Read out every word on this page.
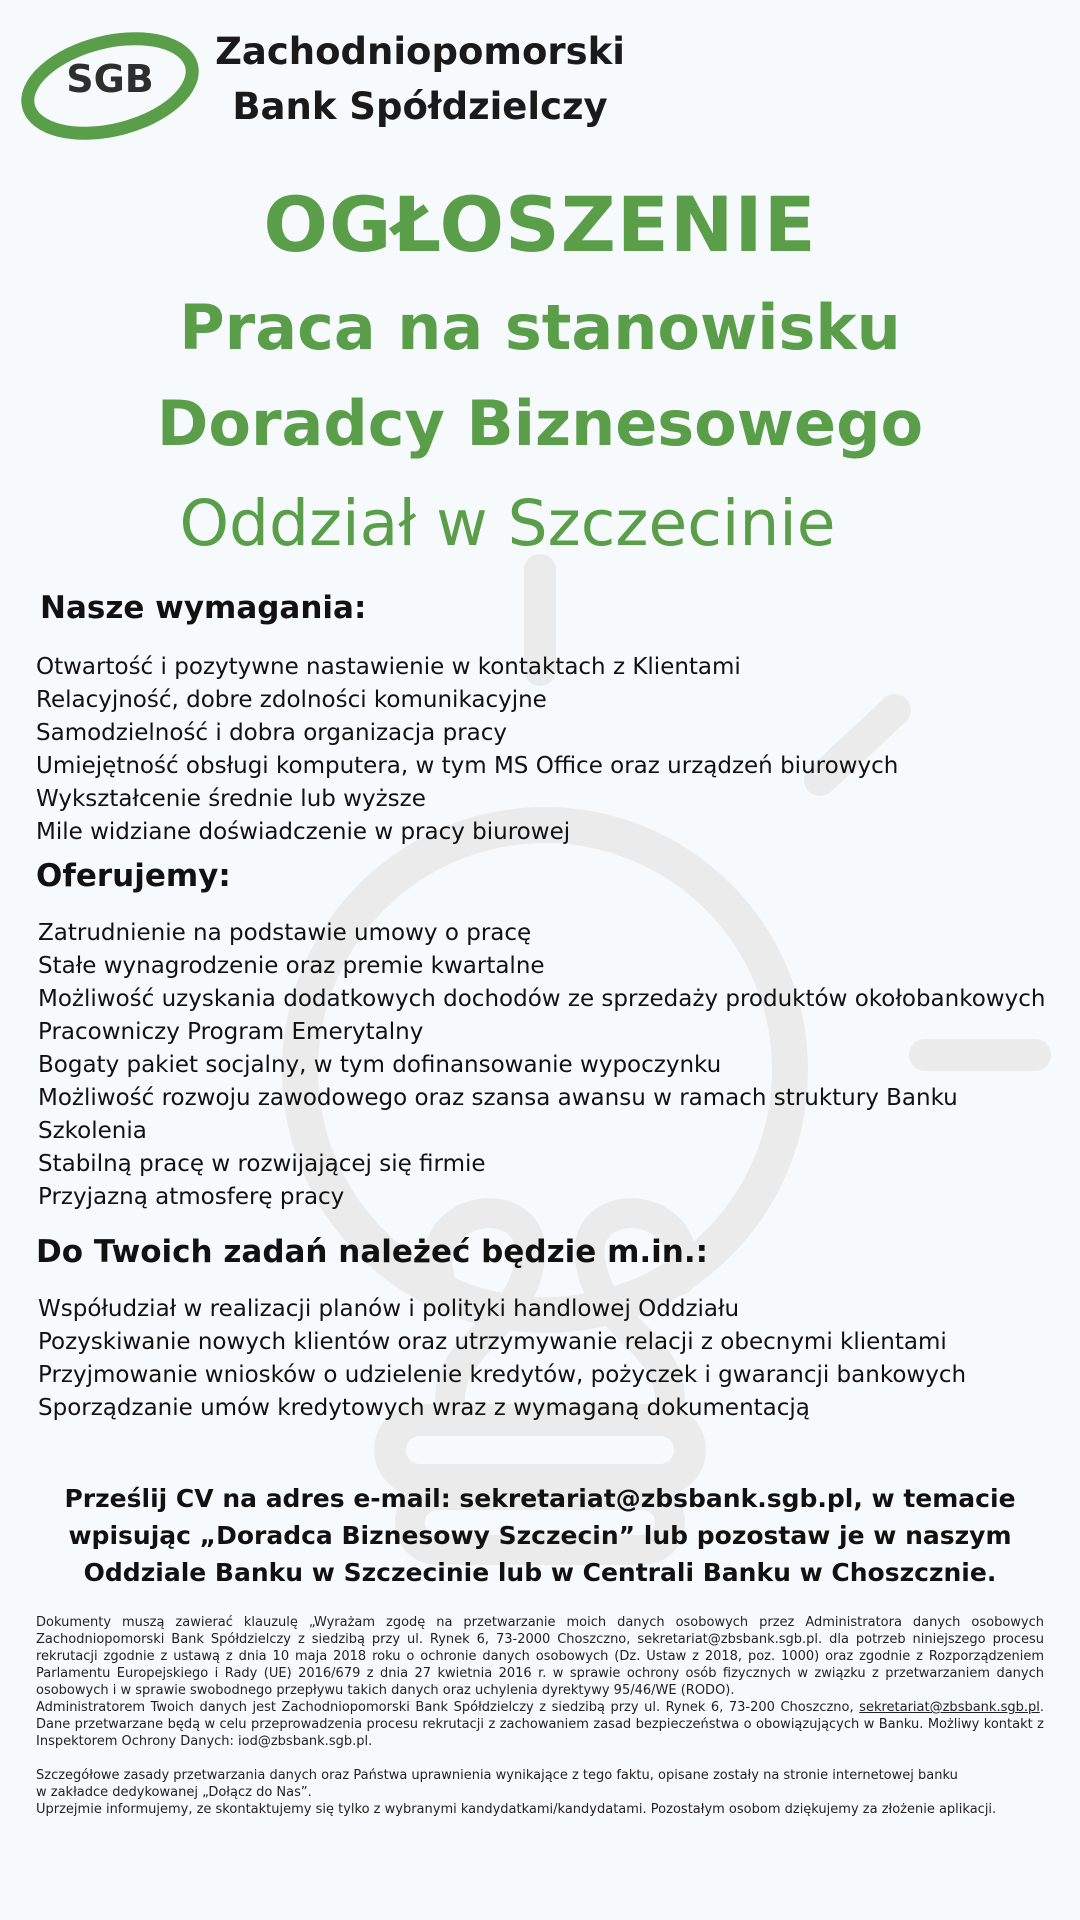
SGB
Zachodniopomorski
Bank Spółdzielczy
OGŁOSZENIE
Praca na stanowisku
Doradcy Biznesowego
Oddział w Szczecinie
Nasze wymagania:
Otwartość i pozytywne nastawienie w kontaktach z Klientami
Relacyjność, dobre zdolności komunikacyjne
Samodzielność i dobra organizacja pracy
Umiejętność obsługi komputera, w tym MS Office oraz urządzeń biurowych
Wykształcenie średnie lub wyższe
Mile widziane doświadczenie w pracy biurowej
Oferujemy:
Zatrudnienie na podstawie umowy o pracę
Stałe wynagrodzenie oraz premie kwartalne
Możliwość uzyskania dodatkowych dochodów ze sprzedaży produktów okołobankowych
Pracowniczy Program Emerytalny
Bogaty pakiet socjalny, w tym dofinansowanie wypoczynku
Możliwość rozwoju zawodowego oraz szansa awansu w ramach struktury Banku
Szkolenia
Stabilną pracę w rozwijającej się firmie
Przyjazną atmosferę pracy
Do Twoich zadań należeć będzie m.in.:
Współudział w realizacji planów i polityki handlowej Oddziału
Pozyskiwanie nowych klientów oraz utrzymywanie relacji z obecnymi klientami
Przyjmowanie wniosków o udzielenie kredytów, pożyczek i gwarancji bankowych
Sporządzanie umów kredytowych wraz z wymaganą dokumentacją
Prześlij CV na adres e-mail: sekretariat@zbsbank.sgb.pl, w temacie
wpisując „Doradca Biznesowy Szczecin” lub pozostaw je w naszym
Oddziale Banku w Szczecinie lub w Centrali Banku w Choszcznie.

Dokumenty muszą zawierać klauzulę „Wyrażam zgodę na przetwarzanie moich danych osobowych przez Administratora danych osobowych Zachodniopomorski Bank Spółdzielczy z siedzibą przy ul. Rynek 6, 73-2000 Choszczno, sekretariat@zbsbank.sgb.pl. dla potrzeb niniejszego procesu rekrutacji zgodnie z ustawą z dnia 10 maja 2018 roku o ochronie danych osobowych (Dz. Ustaw z 2018, poz. 1000) oraz zgodnie z Rozporządzeniem Parlamentu Europejskiego i Rady (UE) 2016/679 z dnia 27 kwietnia 2016 r. w sprawie ochrony osób fizycznych w związku z przetwarzaniem danych osobowych i w sprawie swobodnego przepływu takich danych oraz uchylenia dyrektywy 95/46/WE (RODO).

Administratorem Twoich danych jest Zachodniopomorski Bank Spółdzielczy z siedzibą przy ul. Rynek 6, 73-200 Choszczno, sekretariat@zbsbank.sgb.pl. Dane przetwarzane będą w celu przeprowadzenia procesu rekrutacji z zachowaniem zasad bezpieczeństwa o obowiązujących w Banku. Możliwy kontakt z Inspektorem Ochrony Danych: iod@zbsbank.sgb.pl.

Szczegółowe zasady przetwarzania danych oraz Państwa uprawnienia wynikające z tego faktu, opisane zostały na stronie internetowej banku

w zakładce dedykowanej „Dołącz do Nas”.

Uprzejmie informujemy, ze skontaktujemy się tylko z wybranymi kandydatkami/kandydatami. Pozostałym osobom dziękujemy za złożenie aplikacji.
